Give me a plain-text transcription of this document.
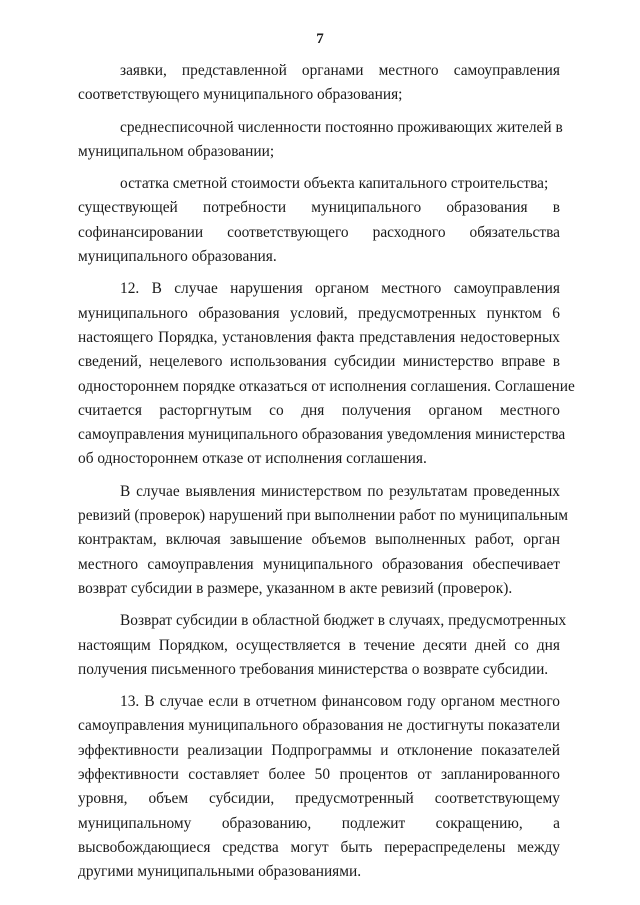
7
заявки, представленной органами местного самоуправления
соответствующего муниципального образования;
среднесписочной численности постоянно проживающих жителей в
муниципальном образовании;
остатка сметной стоимости объекта капитального строительства;
существующей потребности муниципального образования в
софинансировании соответствующего расходного обязательства
муниципального образования.
12. В случае нарушения органом местного самоуправления
муниципального образования условий, предусмотренных пунктом 6
настоящего Порядка, установления факта представления недостоверных
сведений, нецелевого использования субсидии министерство вправе в
одностороннем порядке отказаться от исполнения соглашения. Соглашение
считается расторгнутым со дня получения органом местного
самоуправления муниципального образования уведомления министерства
об одностороннем отказе от исполнения соглашения.
В случае выявления министерством по результатам проведенных
ревизий (проверок) нарушений при выполнении работ по муниципальным
контрактам, включая завышение объемов выполненных работ, орган
местного самоуправления муниципального образования обеспечивает
возврат субсидии в размере, указанном в акте ревизий (проверок).
Возврат субсидии в областной бюджет в случаях, предусмотренных
настоящим Порядком, осуществляется в течение десяти дней со дня
получения письменного требования министерства о возврате субсидии.
13. В случае если в отчетном финансовом году органом местного
самоуправления муниципального образования не достигнуты показатели
эффективности реализации Подпрограммы и отклонение показателей
эффективности составляет более 50 процентов от запланированного
уровня, объем субсидии, предусмотренный соответствующему
муниципальному образованию, подлежит сокращению, а
высвобождающиеся средства могут быть перераспределены между
другими муниципальными образованиями.
